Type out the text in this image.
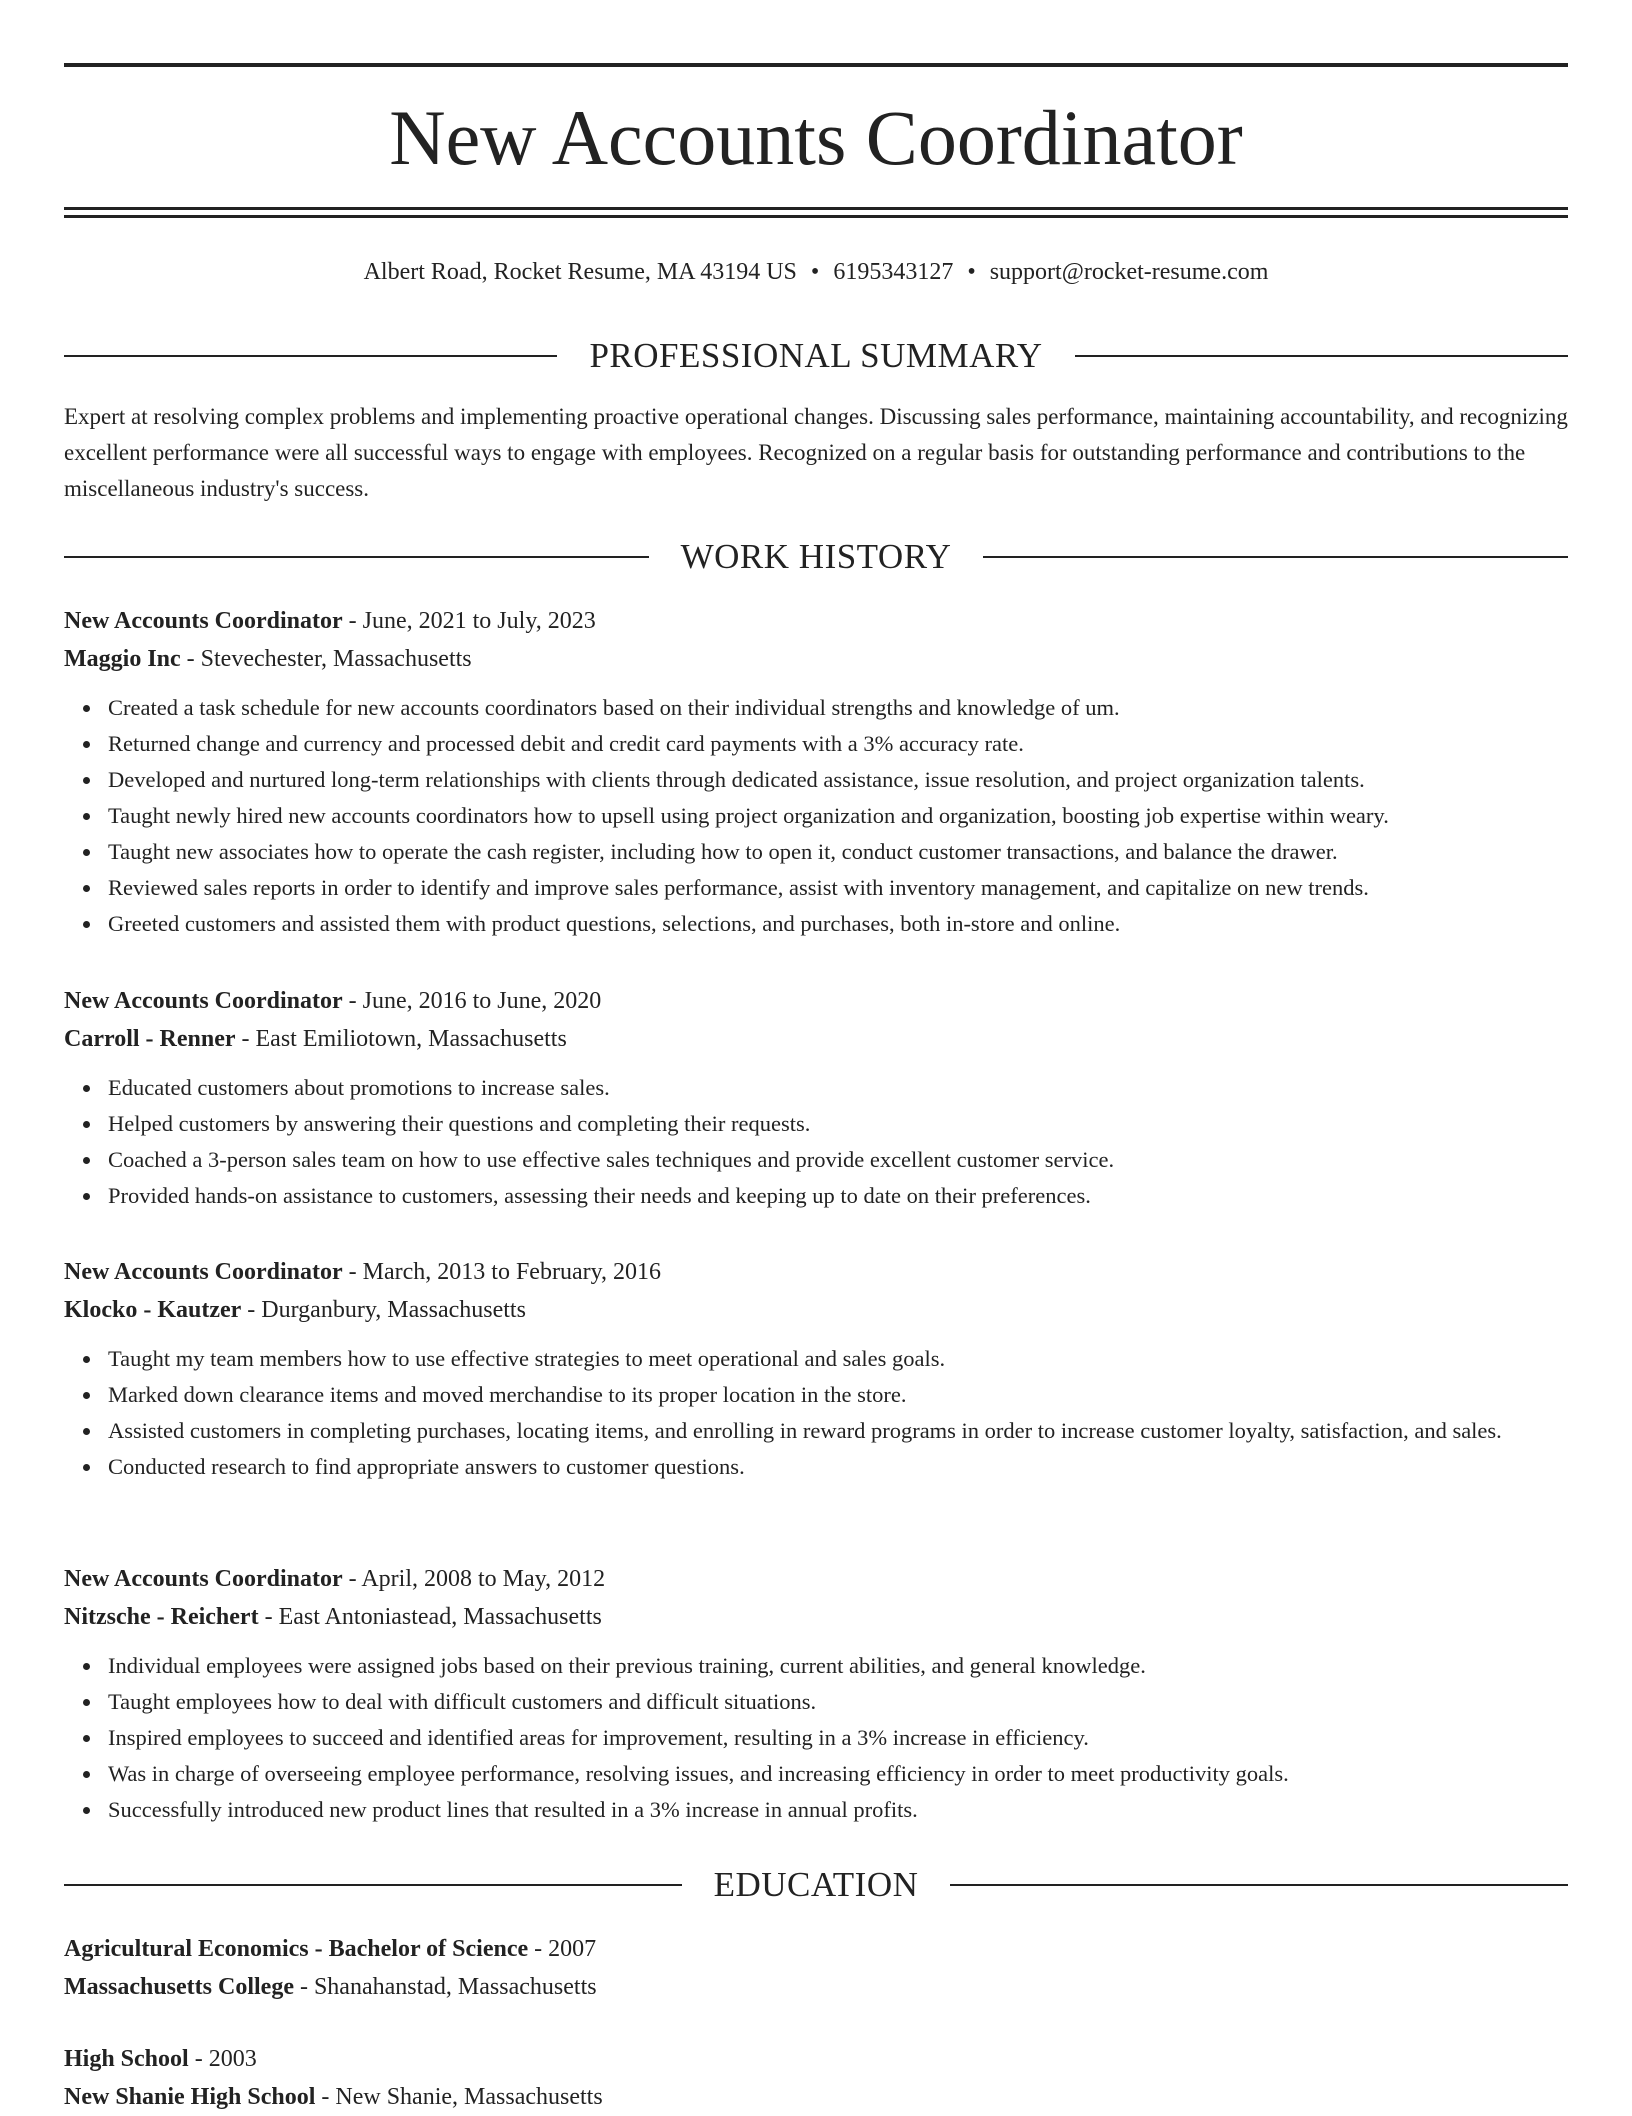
New Accounts Coordinator
Albert Road, Rocket Resume, MA 43194 US • 6195343127 • support@rocket-resume.com
PROFESSIONAL SUMMARY

Expert at resolving complex problems and implementing proactive operational changes. Discussing sales performance, maintaining accountability, and recognizing excellent performance were all successful ways to engage with employees. Recognized on a regular basis for outstanding performance and contributions to the miscellaneous industry's success.

WORK HISTORY
New Accounts Coordinator - June, 2021 to July, 2023
Maggio Inc - Stevechester, Massachusetts
Created a task schedule for new accounts coordinators based on their individual strengths and knowledge of um.
Returned change and currency and processed debit and credit card payments with a 3% accuracy rate.
Developed and nurtured long-term relationships with clients through dedicated assistance, issue resolution, and project organization talents.
Taught newly hired new accounts coordinators how to upsell using project organization and organization, boosting job expertise within weary.
Taught new associates how to operate the cash register, including how to open it, conduct customer transactions, and balance the drawer.
Reviewed sales reports in order to identify and improve sales performance, assist with inventory management, and capitalize on new trends.
Greeted customers and assisted them with product questions, selections, and purchases, both in-store and online.
New Accounts Coordinator - June, 2016 to June, 2020
Carroll - Renner - East Emiliotown, Massachusetts
Educated customers about promotions to increase sales.
Helped customers by answering their questions and completing their requests.
Coached a 3-person sales team on how to use effective sales techniques and provide excellent customer service.
Provided hands-on assistance to customers, assessing their needs and keeping up to date on their preferences.
New Accounts Coordinator - March, 2013 to February, 2016
Klocko - Kautzer - Durganbury, Massachusetts
Taught my team members how to use effective strategies to meet operational and sales goals.
Marked down clearance items and moved merchandise to its proper location in the store.
Assisted customers in completing purchases, locating items, and enrolling in reward programs in order to increase customer loyalty, satisfaction, and sales.
Conducted research to find appropriate answers to customer questions.
New Accounts Coordinator - April, 2008 to May, 2012
Nitzsche - Reichert - East Antoniastead, Massachusetts
Individual employees were assigned jobs based on their previous training, current abilities, and general knowledge.
Taught employees how to deal with difficult customers and difficult situations.
Inspired employees to succeed and identified areas for improvement, resulting in a 3% increase in efficiency.
Was in charge of overseeing employee performance, resolving issues, and increasing efficiency in order to meet productivity goals.
Successfully introduced new product lines that resulted in a 3% increase in annual profits.
EDUCATION
Agricultural Economics - Bachelor of Science - 2007
Massachusetts College - Shanahanstad, Massachusetts
High School - 2003
New Shanie High School - New Shanie, Massachusetts
